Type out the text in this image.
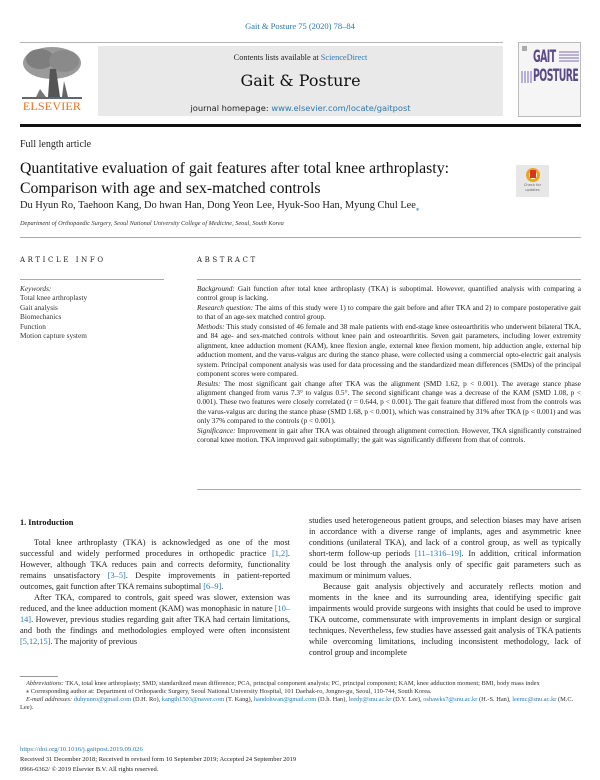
Gait & Posture 75 (2020) 78–84
ELSEVIER
Contents lists available at ScienceDirect
Gait & Posture
journal homepage: www.elsevier.com/locate/gaitpost
GAIT
POSTURE
Full length article
Quantitative evaluation of gait features after total knee arthroplasty: Comparison with age and sex-matched controls	Check for
updates
Du Hyun Ro, Taehoon Kang, Do hwan Han, Dong Yeon Lee, Hyuk-Soo Han, Myung Chul Lee$_⁎$
Department of Orthopaedic Surgery, Seoul National University College of Medicine, Seoul, South Korea
ARTICLE INFO	ABSTRACT
Keywords:
Total knee arthroplasty
Gait analysis
Biomechanics
Function
Motion capture system

Background: Gait function after total knee arthroplasty (TKA) is suboptimal. However, quantified analysis with comparing a control group is lacking.

Research question: The aims of this study were 1) to compare the gait before and after TKA and 2) to compare postoperative gait to that of an age-sex matched control group.

Methods: This study consisted of 46 female and 38 male patients with end-stage knee osteoarthritis who underwent bilateral TKA, and 84 age- and sex-matched controls without knee pain and osteoarthritis. Seven gait parameters, including lower extremity alignment, knee adduction moment (KAM), knee flexion angle, external knee flexion moment, hip adduction angle, external hip adduction moment, and the varus-valgus arc during the stance phase, were collected using a commercial opto-electric gait analysis system. Principal component analysis was used for data processing and the standardized mean differences (SMDs) of the principal component scores were compared.

Results: The most significant gait change after TKA was the alignment (SMD 1.62, p < 0.001). The average stance phase alignment changed from varus 7.3° to valgus 0.5°. The second significant change was a decrease of the KAM (SMD 1.08, p < 0.001). These two features were closely correlated (r = 0.644, p < 0.001). The gait feature that differed most from the controls was the varus-valgus arc during the stance phase (SMD 1.68, p < 0.001), which was constrained by 31% after TKA (p < 0.001) and was only 37% compared to the controls (p < 0.001).

Significance: Improvement in gait after TKA was obtained through alignment correction. However, TKA significantly constrained coronal knee motion. TKA improved gait suboptimally; the gait was significantly different from that of controls.

1. Introduction

Total knee arthroplasty (TKA) is acknowledged as one of the most successful and widely performed procedures in orthopedic practice [1,2]. However, although TKA reduces pain and corrects deformity, functionality remains unsatisfactory [3–5]. Despite improvements in patient-reported outcomes, gait function after TKA remains suboptimal [6–9].

After TKA, compared to controls, gait speed was slower, extension was reduced, and the knee adduction moment (KAM) was monophasic in nature [10–14]. However, previous studies regarding gait after TKA had certain limitations, and both the findings and methodologies employed were often inconsistent [5,12,15]. The majority of previous

studies used heterogeneous patient groups, and selection biases may have arisen in accordance with a diverse range of implants, ages and asymmetric knee conditions (unilateral TKA), and lack of a control group, as well as typically short-term follow-up periods [11–1316–19]. In addition, critical information could be lost through the analysis only of specific gait parameters such as maximum or minimum values.

Because gait analysis objectively and accurately reflects motion and moments in the knee and its surrounding area, identifying specific gait impairments would provide surgeons with insights that could be used to improve TKA outcome, commensurate with improvements in implant design or surgical techniques. Nevertheless, few studies have assessed gait analysis of TKA patients while overcoming limitations, including inconsistent methodology, lack of control group and incomplete

Abbreviations: TKA, total knee arthroplasty; SMD, standardized mean difference; PCA, principal component analysis; PC, principal component; KAM, knee adduction moment; BMI, body mass index
⁎ Corresponding author at: Department of Orthopaedic Surgery, Seoul National University Hospital, 101 Daehak-ro, Jongno-gu, Seoul, 110-744, South Korea.
E-mail addresses: duhyunro@gmail.com (D.H. Ro), kangth1503@naver.com (T. Kang), handohwan@gmail.com (D.h. Han), leedy@snu.ac.kr (D.Y. Lee), oshawks7@snu.ac.kr (H.-S. Han), leemc@snu.ac.kr (M.C. Lee).
https://doi.org/10.1016/j.gaitpost.2019.09.026
Received 31 December 2018; Received in revised form 10 September 2019; Accepted 24 September 2019
0966-6362/ © 2019 Elsevier B.V. All rights reserved.
